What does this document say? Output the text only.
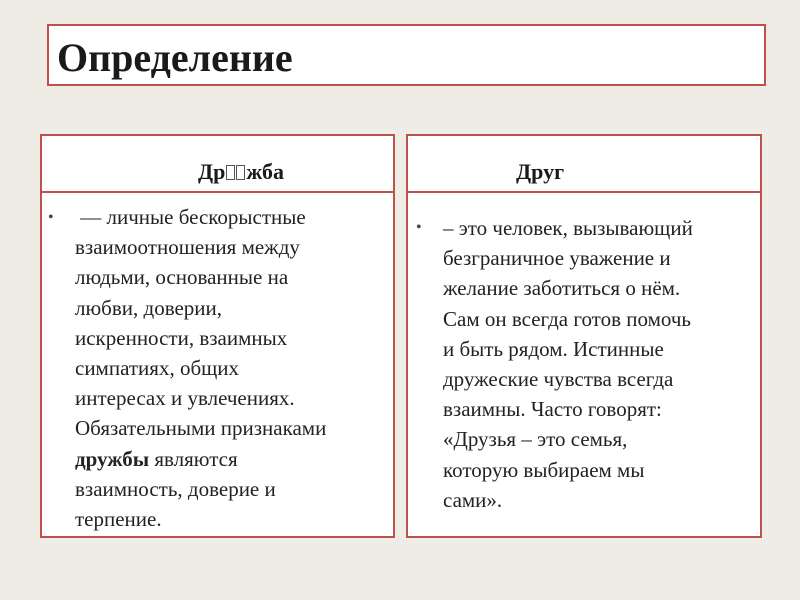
Определение
Др жба
• — личные бескорыстные
взаимоотношения между
людьми, основанные на
любви, доверии,
искренности, взаимных
симпатиях, общих
интересах и увлечениях.
Обязательными признаками
дружбы являются
взаимность, доверие и
терпение.
Друг
• – это человек, вызывающий
безграничное уважение и
желание заботиться о нём.
Сам он всегда готов помочь
и быть рядом. Истинные
дружеские чувства всегда
взаимны. Часто говорят:
«Друзья – это семья,
которую выбираем мы
сами».
